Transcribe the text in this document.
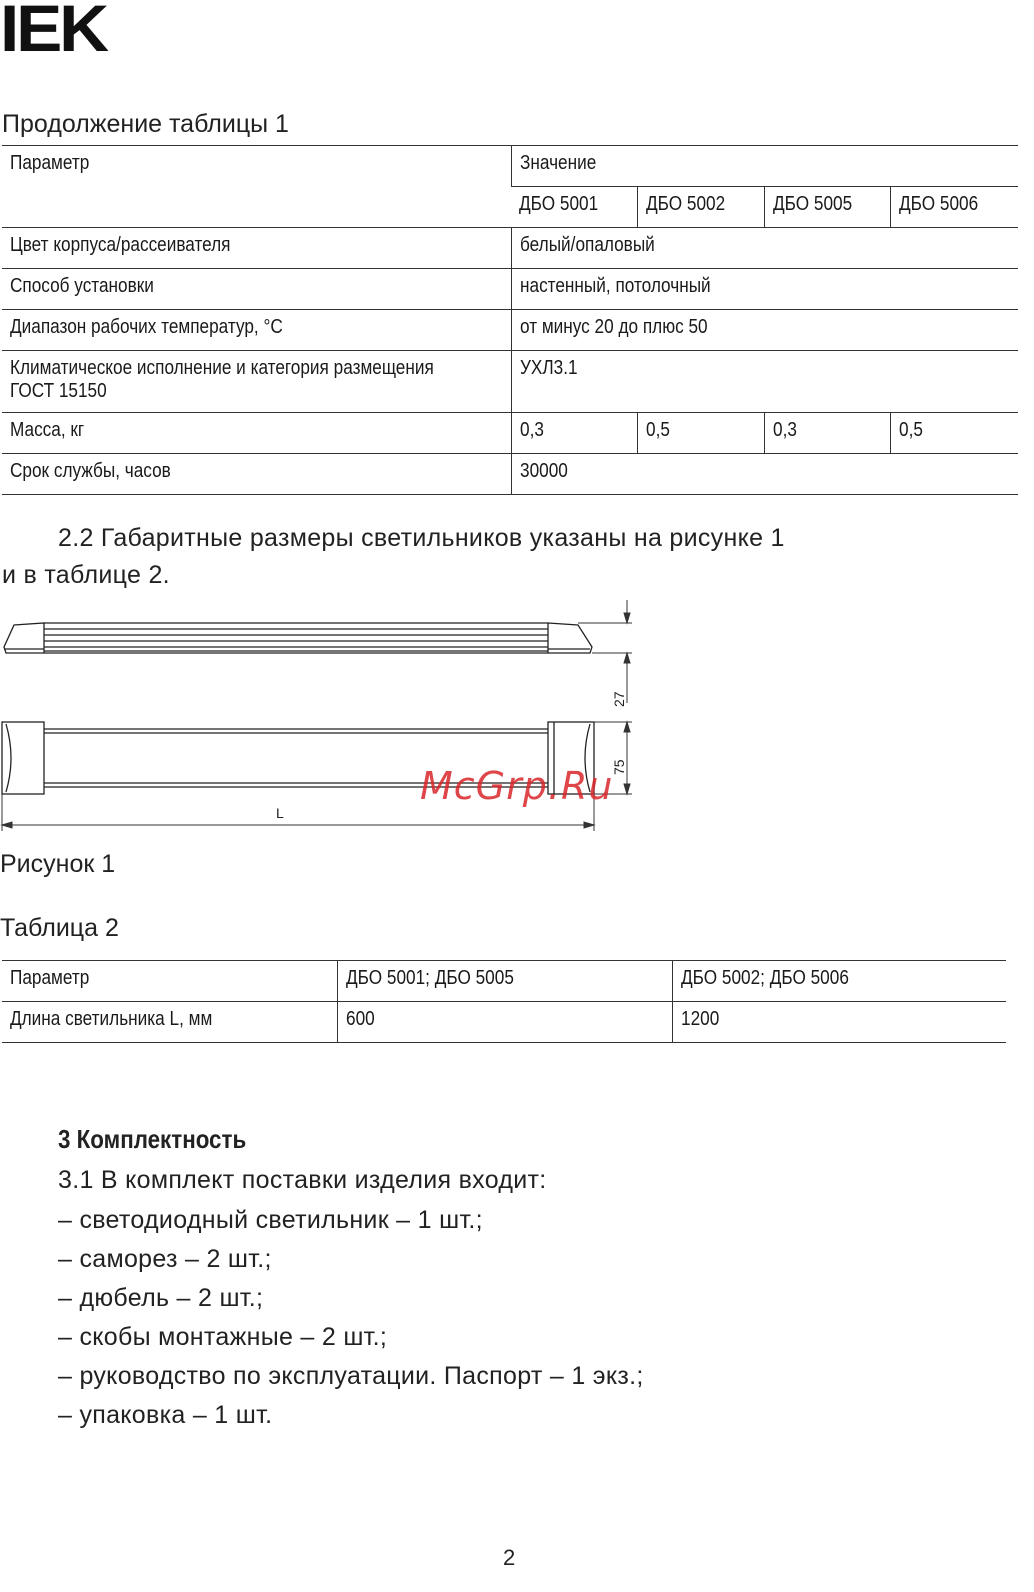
IEK
Продолжение таблицы 1
Параметр	Значение			
	ДБО 5001	ДБО 5002	ДБО 5005	ДБО 5006
Цвет корпуса/рассеивателя	белый/опаловый			
Способ установки	настенный, потолочный			
Диапазон рабочих температур, °С	от минус 20 до плюс 50			
Климатическое исполнение и категория размещения
ГОСТ 15150	УХЛ3.1			
Масса, кг	0,3	0,5	0,3	0,5
Срок службы, часов	30000			
2.2 Габаритные размеры светильников указаны на рисунке 1
и в таблице 2.
27
75
L
McGrp.Ru
Рисунок 1
Таблица 2
Параметр	ДБО 5001; ДБО 5005	ДБО 5002; ДБО 5006
Длина светильника L, мм	600	1200
3 Комплектность
3.1 В комплект поставки изделия входит:
– светодиодный светильник – 1 шт.;
– саморез – 2 шт.;
– дюбель – 2 шт.;
– скобы монтажные – 2 шт.;
– руководство по эксплуатации. Паспорт – 1 экз.;
– упаковка – 1 шт.
2
